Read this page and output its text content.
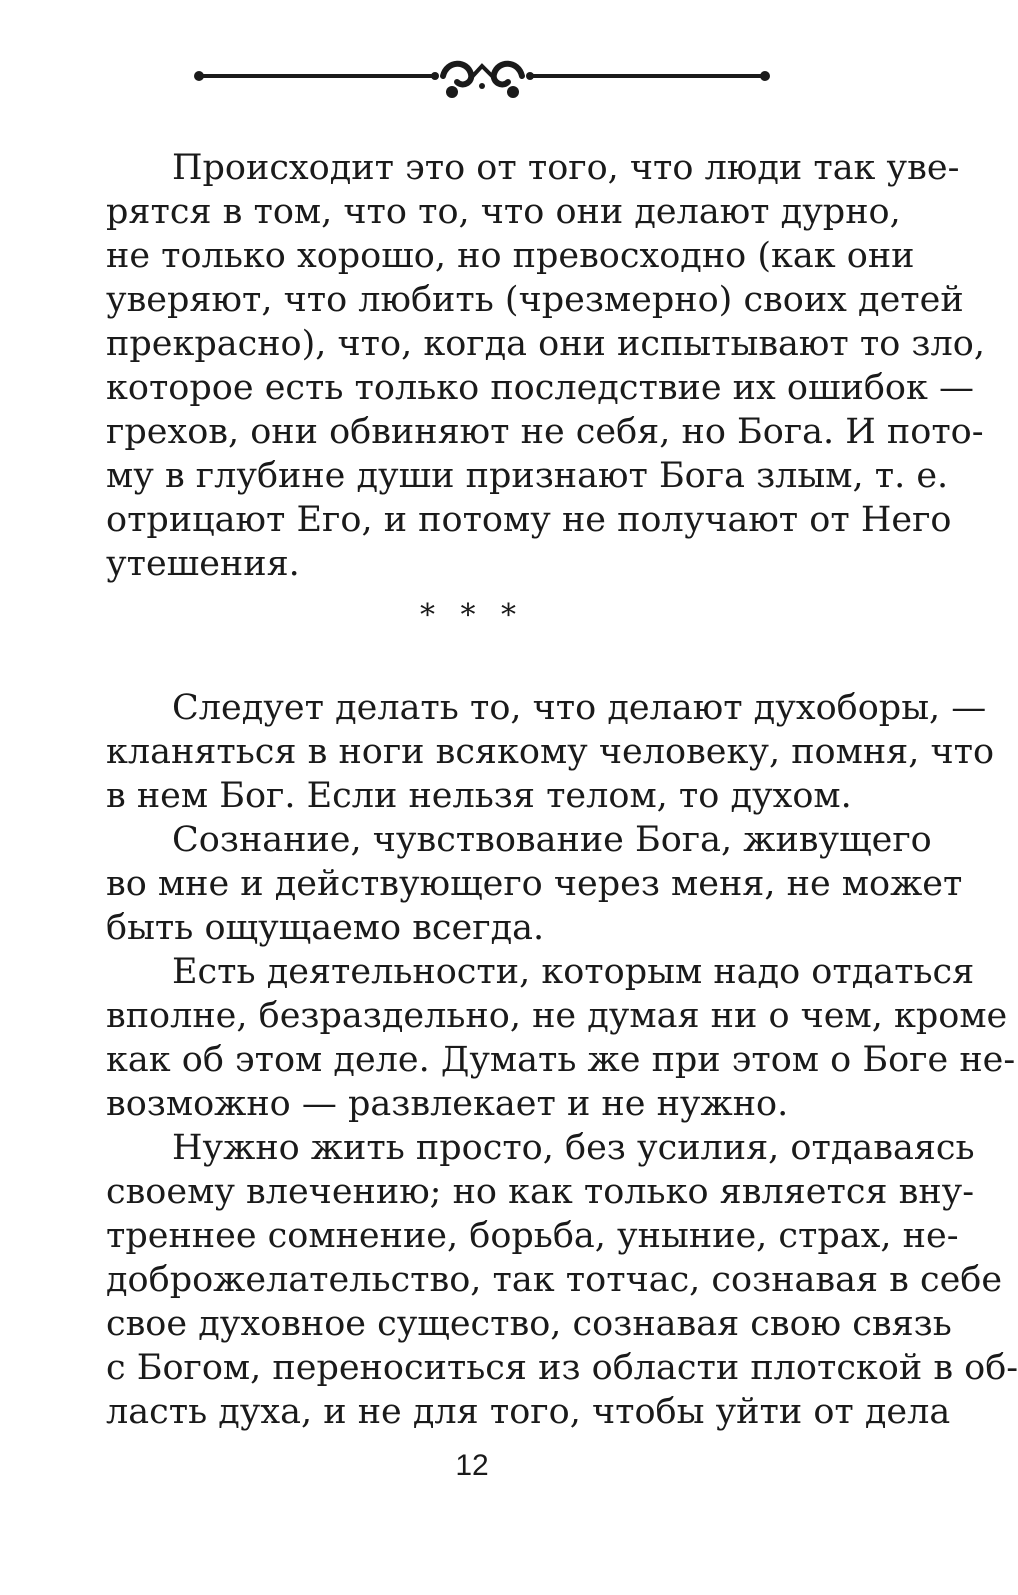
Происходит это от того, что люди так уве-
рятся в том, что то, что они делают дурно,
не только хорошо, но превосходно (как они
уверяют, что любить (чрезмерно) своих детей
прекрасно), что, когда они испытывают то зло,
которое есть только последствие их ошибок —
грехов, они обвиняют не себя, но Бога. И пото-
му в глубине души признают Бога злым, т. е.
отрицают Его, и потому не получают от Него
утешения.
* * *
Следует делать то, что делают духоборы, —
кланяться в ноги всякому человеку, помня, что
в нем Бог. Если нельзя телом, то духом.
Сознание, чувствование Бога, живущего
во мне и действующего через меня, не может
быть ощущаемо всегда.
Есть деятельности, которым надо отдаться
вполне, безраздельно, не думая ни о чем, кроме
как об этом деле. Думать же при этом о Боге не-
возможно — развлекает и не нужно.
Нужно жить просто, без усилия, отдаваясь
своему влечению; но как только является вну-
треннее сомнение, борьба, уныние, страх, не-
доброжелательство, так тотчас, сознавая в себе
свое духовное существо, сознавая свою связь
с Богом, переноситься из области плотской в об-
ласть духа, и не для того, чтобы уйти от дела
12
